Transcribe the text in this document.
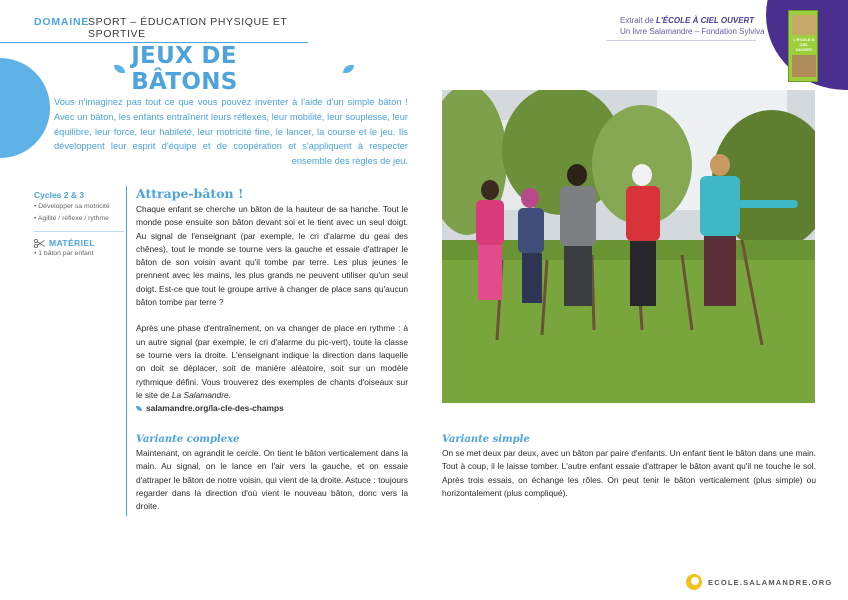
DOMAINE
SPORT – ÉDUCATION PHYSIQUE ET SPORTIVE
Extrait de L'ÉCOLE À CIEL OUVERT
Un livre Salamandre – Fondation Sylviva
L'ÉCOLE À CIEL OUVERT
JEUX DE BÂTONS

Vous n'imaginez pas tout ce que vous pouvez inventer à l'aide d'un simple bâton ! Avec un bâton, les enfants entraînent leurs réflexes, leur mobilité, leur souplesse, leur équilibre, leur force, leur habileté, leur motricité fine, le lancer, la course et le jeu. Ils développent leur esprit d'équipe et de coopération et s'appliquent à respecter ensemble des règles de jeu.

Cycles 2 & 3
• Développer sa motricité
• Agilité / réflexe / rythme
MATÉRIEL
• 1 bâton par enfant
Attrape-bâton !

Chaque enfant se cherche un bâton de la hauteur de sa hanche. Tout le monde pose ensuite son bâton devant soi et le tient avec un seul doigt. Au signal de l'enseignant (par exemple, le cri d'alarme du geai des chênes), tout le monde se tourne vers la gauche et essaie d'attraper le bâton de son voisin avant qu'il tombe par terre. Les plus jeunes le prennent avec les mains, les plus grands ne peuvent utiliser qu'un seul doigt. Est-ce que tout le groupe arrive à changer de place sans qu'aucun bâton tombe par terre ?

Après une phase d'entraînement, on va changer de place en rythme : à un autre signal (par exemple, le cri d'alarme du pic-vert), toute la classe se tourne vers la droite. L'enseignant indique la direction dans laquelle on doit se déplacer, soit de manière aléatoire, soit sur un modèle rythmique défini. Vous trouverez des exemples de chants d'oiseaux sur le site de La Salamandre.

salamandre.org/la-cle-des-champs
Variante complexe

Maintenant, on agrandit le cercle. On tient le bâton verticalement dans la main. Au signal, on le lance en l'air vers la gauche, et on essaie d'attraper le bâton de notre voisin, qui vient de la droite. Astuce : toujours regarder dans la direction d'où vient le nouveau bâton, donc vers la droite.

Variante simple

On se met deux par deux, avec un bâton par paire d'enfants. Un enfant tient le bâton dans une main. Tout à coup, il le laisse tomber. L'autre enfant essaie d'attraper le bâton avant qu'il ne touche le sol. Après trois essais, on échange les rôles. On peut tenir le bâton verticalement (plus simple) ou horizontalement (plus compliqué).

ECOLE.SALAMANDRE.ORG
